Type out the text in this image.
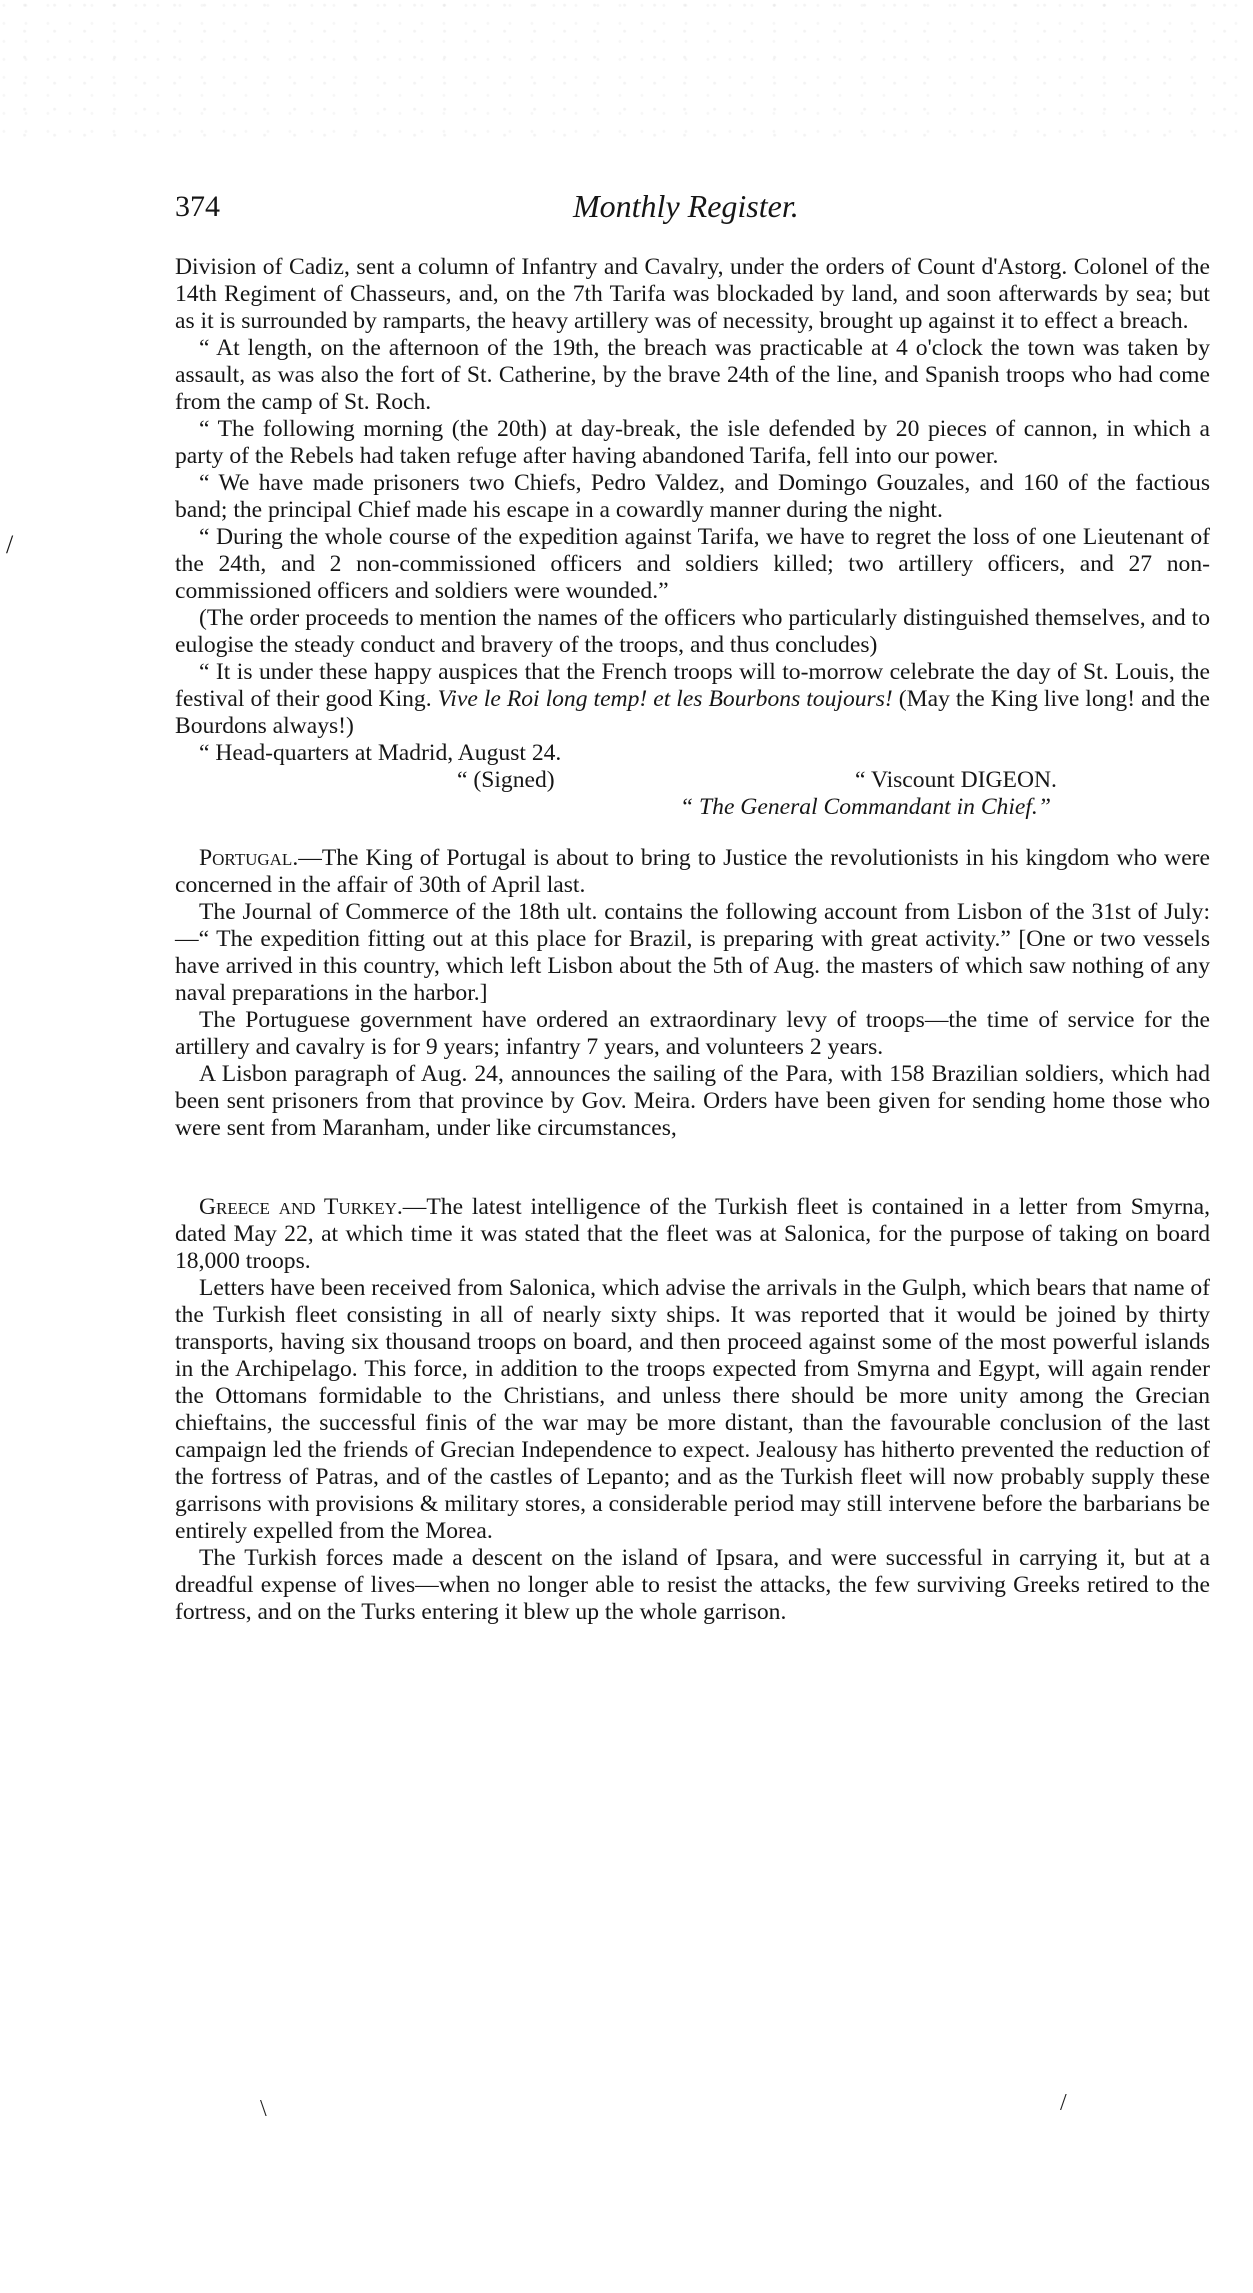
/
374	Monthly Register.

Division of Cadiz, sent a column of Infantry and Cavalry, under the orders of Count d'Astorg. Colonel of the 14th Regiment of Chasseurs, and, on the 7th Tarifa was blockaded by land, and soon afterwards by sea; but as it is surrounded by ramparts, the heavy artillery was of necessity, brought up against it to effect a breach.

“ At length, on the afternoon of the 19th, the breach was practicable at 4 o'clock the town was taken by assault, as was also the fort of St. Catherine, by the brave 24th of the line, and Spanish troops who had come from the camp of St. Roch.

“ The following morning (the 20th) at day-break, the isle defended by 20 pieces of cannon, in which a party of the Rebels had taken refuge after having abandoned Tarifa, fell into our power.

“ We have made prisoners two Chiefs, Pedro Valdez, and Domingo Gouzales, and 160 of the factious band; the principal Chief made his escape in a cowardly manner during the night.

“ During the whole course of the expedition against Tarifa, we have to regret the loss of one Lieutenant of the 24th, and 2 non-commissioned officers and soldiers killed; two artillery officers, and 27 non-commissioned officers and soldiers were wounded.”

(The order proceeds to mention the names of the officers who particularly distinguished themselves, and to eulogise the steady conduct and bravery of the troops, and thus concludes)

“ It is under these happy auspices that the French troops will to-morrow celebrate the day of St. Louis, the festival of their good King. Vive le Roi long temp! et les Bourbons toujours! (May the King live long! and the Bourdons always!)

“ Head-quarters at Madrid, August 24.
“ (Signed)	“ Viscount DIGEON.
“ The General Commandant in Chief.”

Portugal.—The King of Portugal is about to bring to Justice the revolutionists in his kingdom who were concerned in the affair of 30th of April last.

The Journal of Commerce of the 18th ult. contains the following account from Lisbon of the 31st of July:—“ The expedition fitting out at this place for Brazil, is preparing with great activity.” [One or two vessels have arrived in this country, which left Lisbon about the 5th of Aug. the masters of which saw nothing of any naval preparations in the harbor.]

The Portuguese government have ordered an extraordinary levy of troops—the time of service for the artillery and cavalry is for 9 years; infantry 7 years, and volunteers 2 years.

A Lisbon paragraph of Aug. 24, announces the sailing of the Para, with 158 Brazilian soldiers, which had been sent prisoners from that province by Gov. Meira. Orders have been given for sending home those who were sent from Maranham, under like circumstances,

Greece and Turkey.—The latest intelligence of the Turkish fleet is contained in a letter from Smyrna, dated May 22, at which time it was stated that the fleet was at Salonica, for the purpose of taking on board 18,000 troops.

Letters have been received from Salonica, which advise the arrivals in the Gulph, which bears that name of the Turkish fleet consisting in all of nearly sixty ships. It was reported that it would be joined by thirty transports, having six thousand troops on board, and then proceed against some of the most powerful islands in the Archipelago. This force, in addition to the troops expected from Smyrna and Egypt, will again render the Ottomans formidable to the Christians, and unless there should be more unity among the Grecian chieftains, the successful finis of the war may be more distant, than the favourable conclusion of the last campaign led the friends of Grecian Independence to expect. Jealousy has hitherto prevented the reduction of the fortress of Patras, and of the castles of Lepanto; and as the Turkish fleet will now probably supply these garrisons with provisions & military stores, a considerable period may still intervene before the barbarians be entirely expelled from the Morea.

The Turkish forces made a descent on the island of Ipsara, and were successful in carrying it, but at a dreadful expense of lives—when no longer able to resist the attacks, the few surviving Greeks retired to the fortress, and on the Turks entering it blew up the whole garrison.

\	/
